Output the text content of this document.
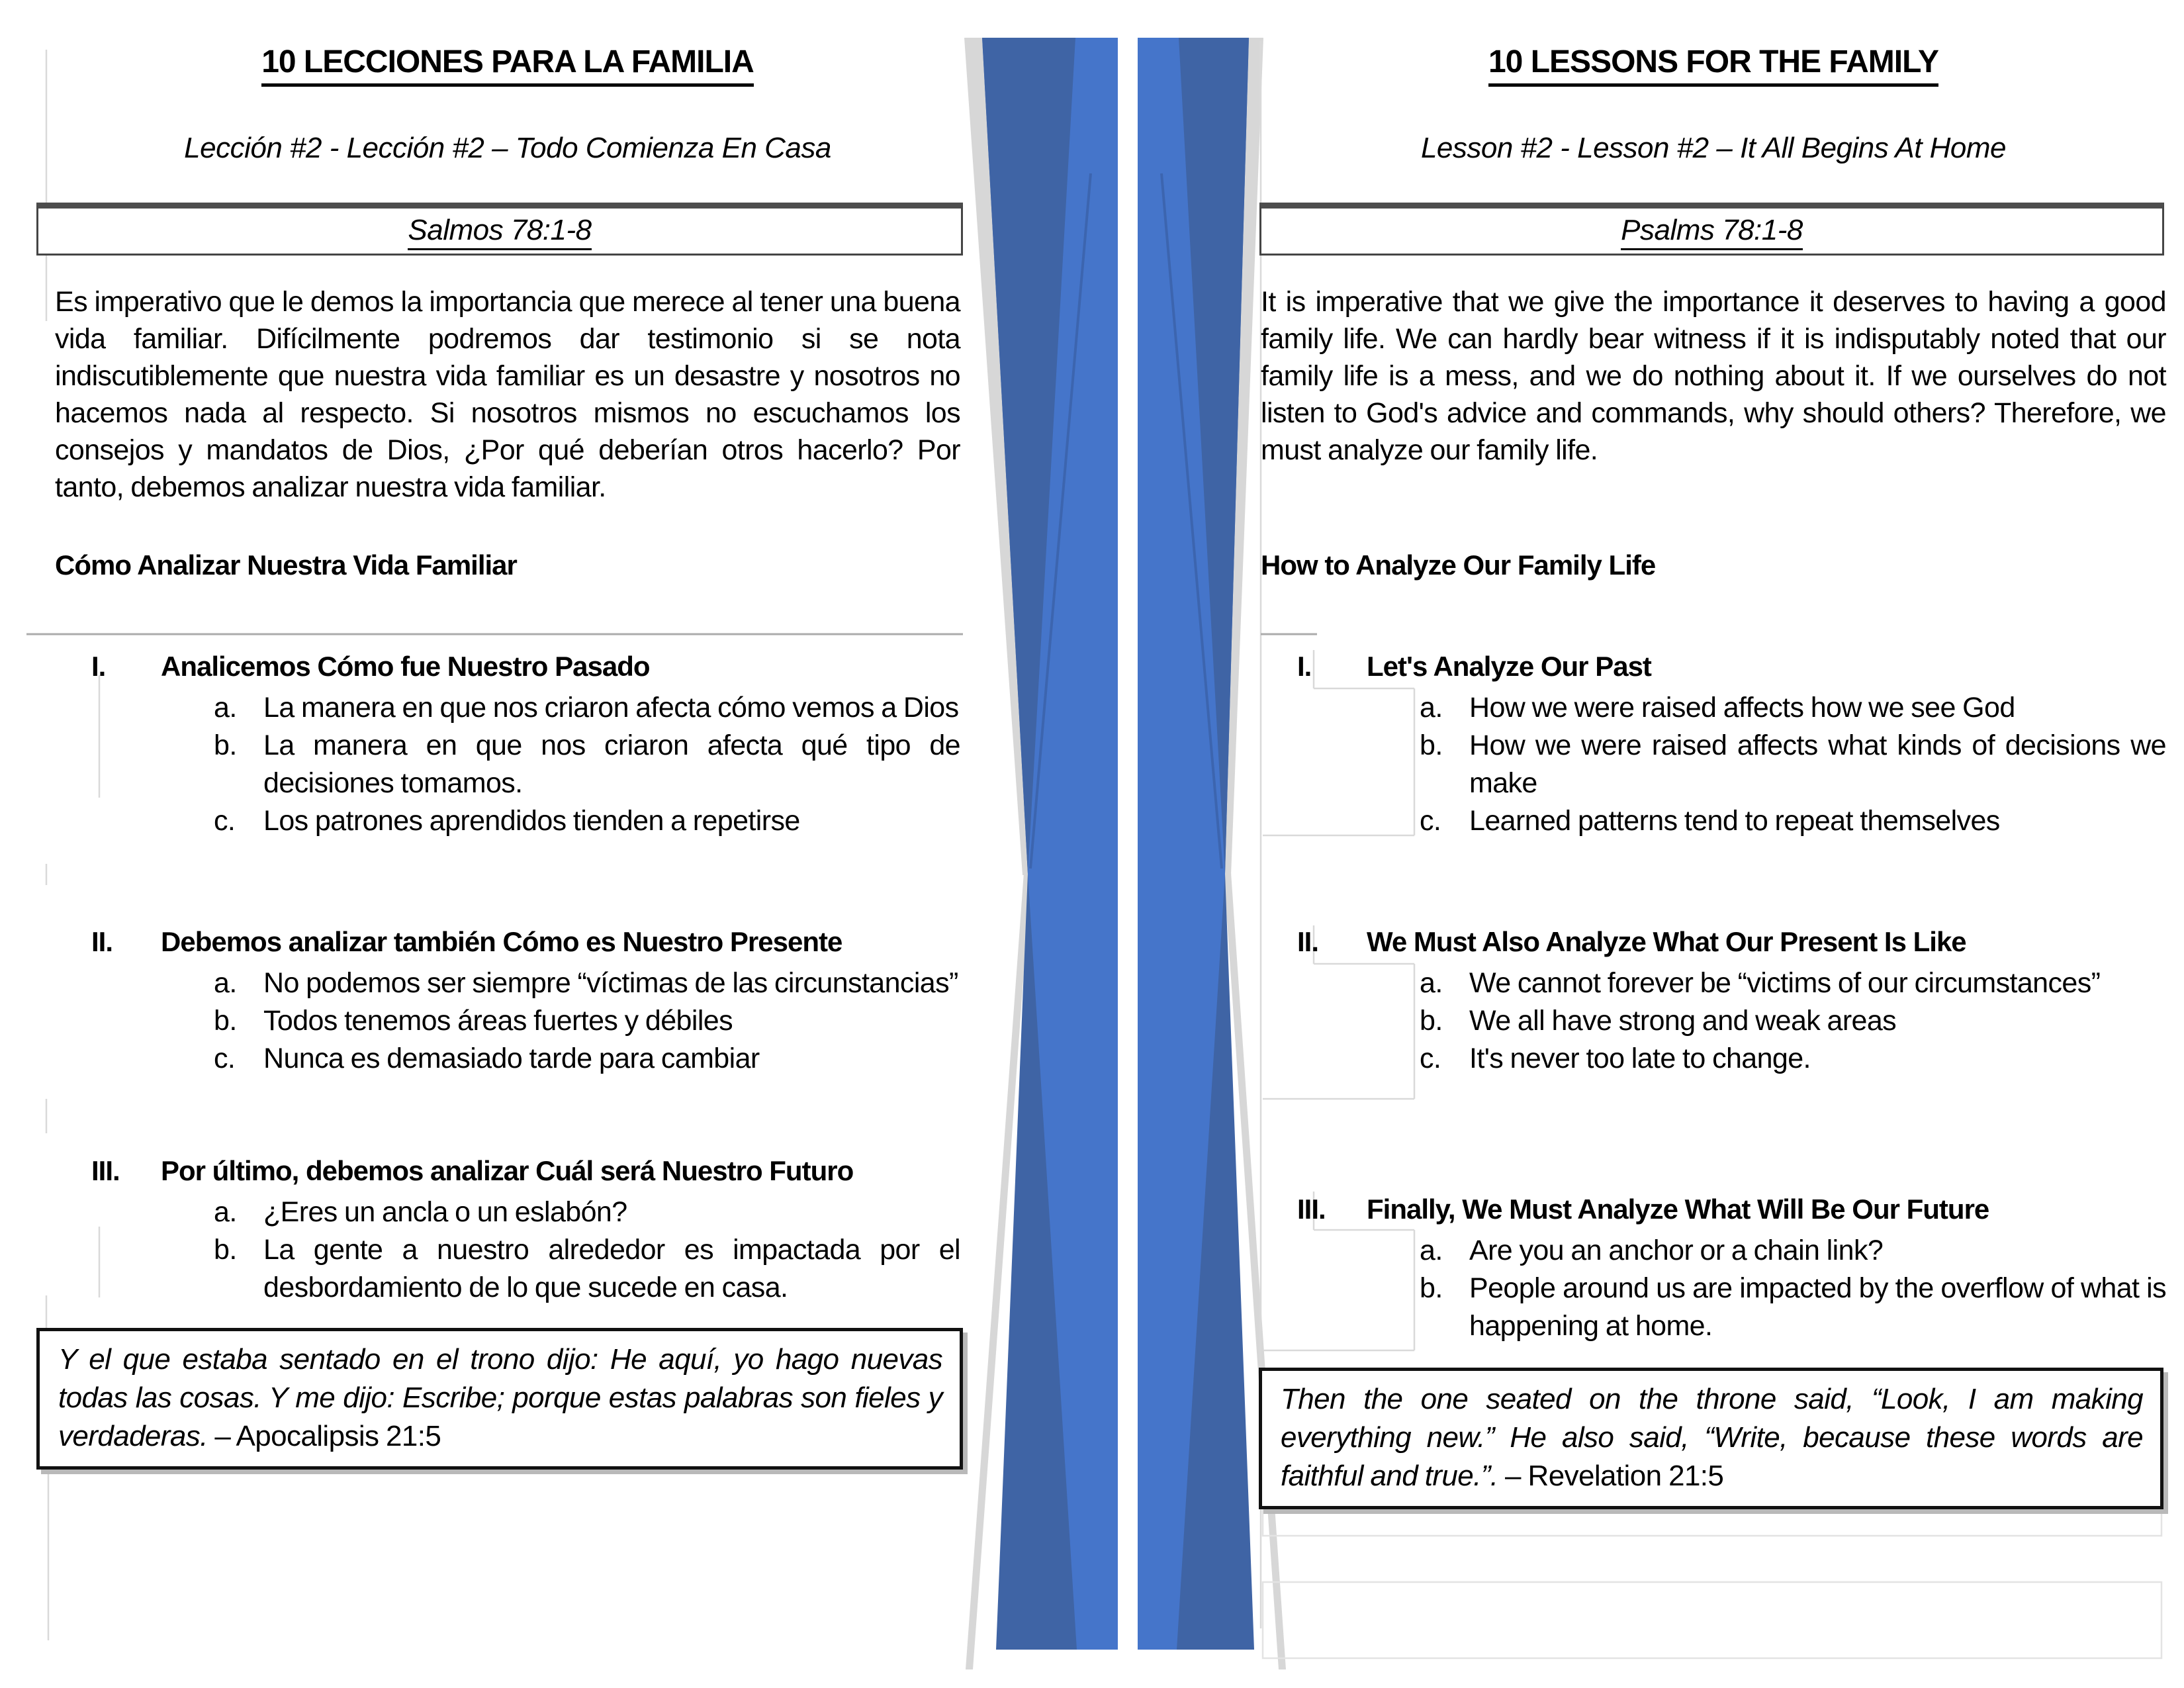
10 LECCIONES PARA LA FAMILIA
Lección #2 - Lección #2 – Todo Comienza En Casa
Salmos 78:1-8

Es imperativo que le demos la importancia que merece al tener una buena vida familiar. Difícilmente podremos dar testimonio si se nota indiscutiblemente que nuestra vida familiar es un desastre y nosotros no hacemos nada al respecto. Si nosotros mismos no escuchamos los consejos y mandatos de Dios, ¿Por qué deberían otros hacerlo? Por tanto, debemos analizar nuestra vida familiar.

Cómo Analizar Nuestra Vida Familiar
I.	Analicemos Cómo fue Nuestro Pasado
a. La manera en que nos criaron afecta cómo vemos a Dios
b. La manera en que nos criaron afecta qué tipo de decisiones tomamos.
c. Los patrones aprendidos tienden a repetirse
II.	Debemos analizar también Cómo es Nuestro Presente
a. No podemos ser siempre “víctimas de las circunstancias”
b. Todos tenemos áreas fuertes y débiles
c. Nunca es demasiado tarde para cambiar
III.	Por último, debemos analizar Cuál será Nuestro Futuro
a. ¿Eres un ancla o un eslabón?
b. La gente a nuestro alrededor es impactada por el desbordamiento de lo que sucede en casa.
Y el que estaba sentado en el trono dijo: He aquí, yo hago nuevas todas las cosas. Y me dijo: Escribe; porque estas palabras son fieles y verdaderas. – Apocalipsis 21:5
10 LESSONS FOR THE FAMILY
Lesson #2 - Lesson #2 – It All Begins At Home
Psalms 78:1-8

It is imperative that we give the importance it deserves to having a good family life. We can hardly bear witness if it is indisputably noted that our family life is a mess, and we do nothing about it. If we ourselves do not listen to God's advice and commands, why should others? Therefore, we must analyze our family life.

How to Analyze Our Family Life
I.	Let's Analyze Our Past
a. How we were raised affects how we see God
b. How we were raised affects what kinds of decisions we make
c. Learned patterns tend to repeat themselves
II.	We Must Also Analyze What Our Present Is Like
a. We cannot forever be “victims of our circumstances”
b. We all have strong and weak areas
c. It's never too late to change.
III.	Finally, We Must Analyze What Will Be Our Future
a. Are you an anchor or a chain link?
b. People around us are impacted by the overflow of what is happening at home.
Then the one seated on the throne said, “Look, I am making everything new.” He also said, “Write, because these words are faithful and true.”. – Revelation 21:5
